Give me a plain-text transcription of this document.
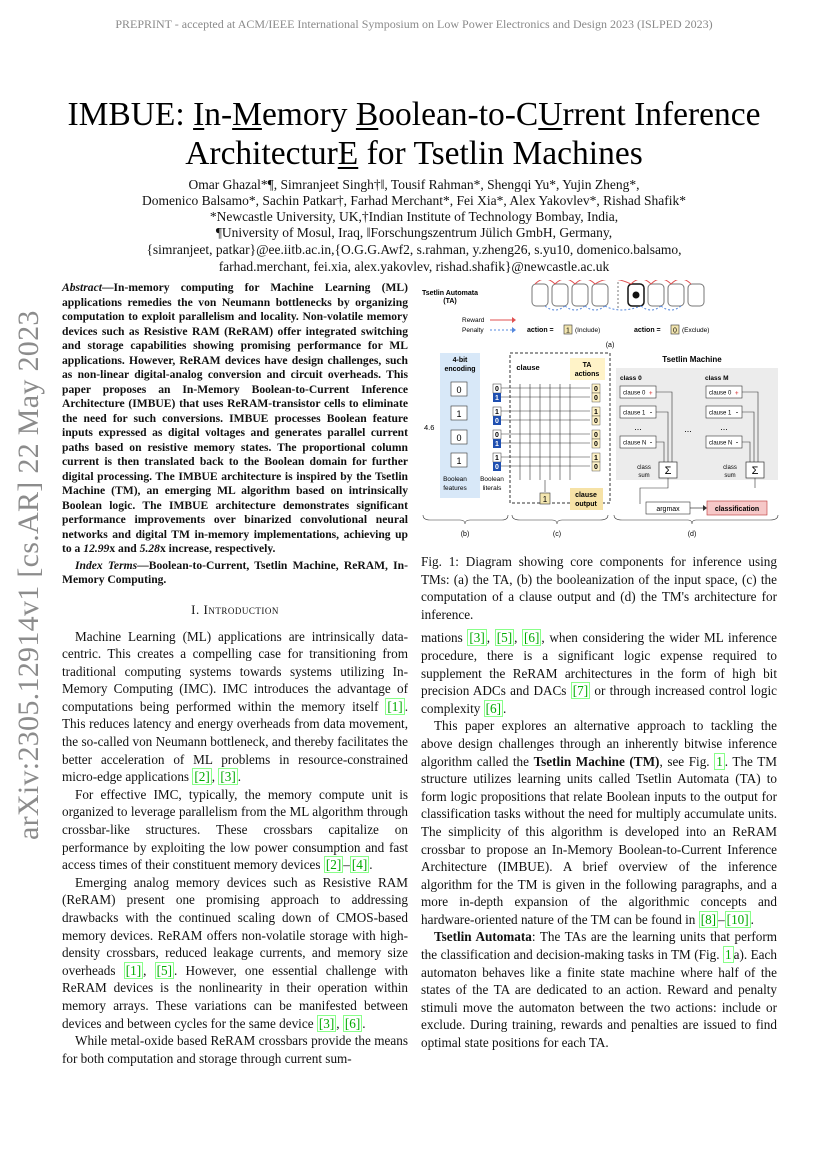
PREPRINT - accepted at ACM/IEEE International Symposium on Low Power Electronics and Design 2023 (ISLPED 2023)
IMBUE: In-Memory Boolean-to-CUrrent Inference
ArchitecturE for Tsetlin Machines
Omar Ghazal*¶, Simranjeet Singh†‖, Tousif Rahman*, Shengqi Yu*, Yujin Zheng*,
Domenico Balsamo*, Sachin Patkar†, Farhad Merchant*, Fei Xia*, Alex Yakovlev*, Rishad Shafik*
*Newcastle University, UK,†Indian Institute of Technology Bombay, India,
¶University of Mosul, Iraq, ‖Forschungszentrum Jülich GmbH, Germany,
{simranjeet, patkar}@ee.iitb.ac.in,{O.G.G.Awf2, s.rahman, y.zheng26, s.yu10, domenico.balsamo,
farhad.merchant, fei.xia, alex.yakovlev, rishad.shafik}@newcastle.ac.uk
arXiv:2305.12914v1 [cs.AR] 22 May 2023
Abstract—In-memory computing for Machine Learning (ML) applications remedies the von Neumann bottlenecks by organizing computation to exploit parallelism and locality. Non-volatile memory devices such as Resistive RAM (ReRAM) offer integrated switching and storage capabilities showing promising performance for ML applications. However, ReRAM devices have design challenges, such as non-linear digital-analog conversion and circuit overheads. This paper proposes an In-Memory Boolean-to-Current Inference Architecture (IMBUE) that uses ReRAM-transistor cells to eliminate the need for such conversions. IMBUE processes Boolean feature inputs expressed as digital voltages and generates parallel current paths based on resistive memory states. The proportional column current is then translated back to the Boolean domain for further digital processing. The IMBUE architecture is inspired by the Tsetlin Machine (TM), an emerging ML algorithm based on intrinsically Boolean logic. The IMBUE architecture demonstrates significant performance improvements over binarized convolutional neural networks and digital TM in-memory implementations, achieving up to a 12.99x and 5.28x increase, respectively.
Index Terms—Boolean-to-Current, Tsetlin Machine, ReRAM, In-Memory Computing.
I. Introduction

Machine Learning (ML) applications are intrinsically data-centric. This creates a compelling case for transitioning from traditional computing systems towards systems utilizing In-Memory Computing (IMC). IMC introduces the advantage of computations being performed within the memory itself [1] . This reduces latency and energy overheads from data movement, the so-called von Neumann bottleneck, and thereby facilitates the better acceleration of ML problems in resource-constrained micro-edge applications [2] , [3] .

For effective IMC, typically, the memory compute unit is organized to leverage parallelism from the ML algorithm through crossbar-like structures. These crossbars capitalize on performance by exploiting the low power consumption and fast access times of their constituent memory devices [2] – [4] .

Emerging analog memory devices such as Resistive RAM (ReRAM) present one promising approach to addressing drawbacks with the continued scaling down of CMOS-based memory devices. ReRAM offers non-volatile storage with high-density crossbars, reduced leakage currents, and memory size overheads [1] , [5] . However, one essential challenge with ReRAM devices is the nonlinearity in their operation within memory arrays. These variations can be manifested between devices and between cycles for the same device [3] , [6] .

While metal-oxide based ReRAM crossbars provide the means for both computation and storage through current sum-

Tsetlin Automata
(TA)
Reward
Penalty	action = 1 (Include)	action = 0 (Exclude)
(a)
4-bit
encoding
4.6
0
1
0
1
Boolean
features
Boolean
literals
0
1
1
0
0
1
1
0
clause	TA
actions
0
0
1
0
0
0
1
0
1	clause
output
Tsetlin Machine
class 0	class M
clause 0 +
clause 1 -
clause N -
clause 0 +
clause 1 -
clause N -
...	...	...
Σ	Σ
class
sum
class
sum
argmax	classification
(b)	(c)	(d)

Fig. 1: Diagram showing core components for inference using TMs: (a) the TA, (b) the booleanization of the input space, (c) the computation of a clause output and (d) the TM's architecture for inference.

mations [3] , [5] , [6] , when considering the wider ML inference procedure, there is a significant logic expense required to supplement the ReRAM architectures in the form of high bit precision ADCs and DACs [7] or through increased control logic complexity [6] .

This paper explores an alternative approach to tackling the above design challenges through an inherently bitwise inference algorithm called the Tsetlin Machine (TM), see Fig. 1 . The TM structure utilizes learning units called Tsetlin Automata (TA) to form logic propositions that relate Boolean inputs to the output for classification tasks without the need for multiply accumulate units. The simplicity of this algorithm is developed into an ReRAM crossbar to propose an In-Memory Boolean-to-Current Inference Architecture (IMBUE). A brief overview of the inference algorithm for the TM is given in the following paragraphs, and a more in-depth expansion of the algorithmic concepts and hardware-oriented nature of the TM can be found in [8] – [10] .

Tsetlin Automata: The TAs are the learning units that perform the classification and decision-making tasks in TM (Fig. 1 a). Each automaton behaves like a finite state machine where half of the states of the TA are dedicated to an action. Reward and penalty stimuli move the automaton between the two actions: include or exclude. During training, rewards and penalties are issued to find optimal state positions for each TA.
